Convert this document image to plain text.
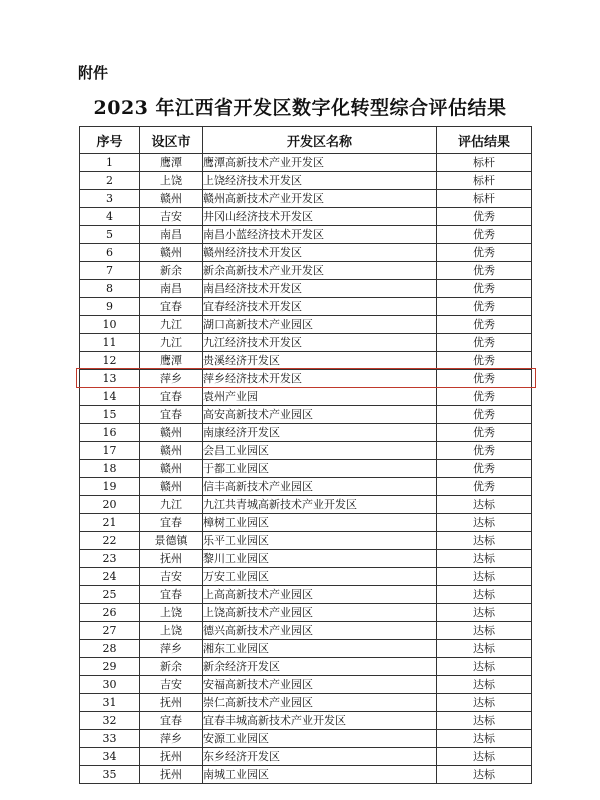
附件
2023 年江西省开发区数字化转型综合评估结果
序号	设区市	开发区名称	评估结果
1	鹰潭	鹰潭高新技术产业开发区	标杆
2	上饶	上饶经济技术开发区	标杆
3	赣州	赣州高新技术产业开发区	标杆
4	吉安	井冈山经济技术开发区	优秀
5	南昌	南昌小蓝经济技术开发区	优秀
6	赣州	赣州经济技术开发区	优秀
7	新余	新余高新技术产业开发区	优秀
8	南昌	南昌经济技术开发区	优秀
9	宜春	宜春经济技术开发区	优秀
10	九江	湖口高新技术产业园区	优秀
11	九江	九江经济技术开发区	优秀
12	鹰潭	贵溪经济开发区	优秀
13	萍乡	萍乡经济技术开发区	优秀
14	宜春	袁州产业园	优秀
15	宜春	高安高新技术产业园区	优秀
16	赣州	南康经济开发区	优秀
17	赣州	会昌工业园区	优秀
18	赣州	于都工业园区	优秀
19	赣州	信丰高新技术产业园区	优秀
20	九江	九江共青城高新技术产业开发区	达标
21	宜春	樟树工业园区	达标
22	景德镇	乐平工业园区	达标
23	抚州	黎川工业园区	达标
24	吉安	万安工业园区	达标
25	宜春	上高高新技术产业园区	达标
26	上饶	上饶高新技术产业园区	达标
27	上饶	德兴高新技术产业园区	达标
28	萍乡	湘东工业园区	达标
29	新余	新余经济开发区	达标
30	吉安	安福高新技术产业园区	达标
31	抚州	崇仁高新技术产业园区	达标
32	宜春	宜春丰城高新技术产业开发区	达标
33	萍乡	安源工业园区	达标
34	抚州	东乡经济开发区	达标
35	抚州	南城工业园区	达标
